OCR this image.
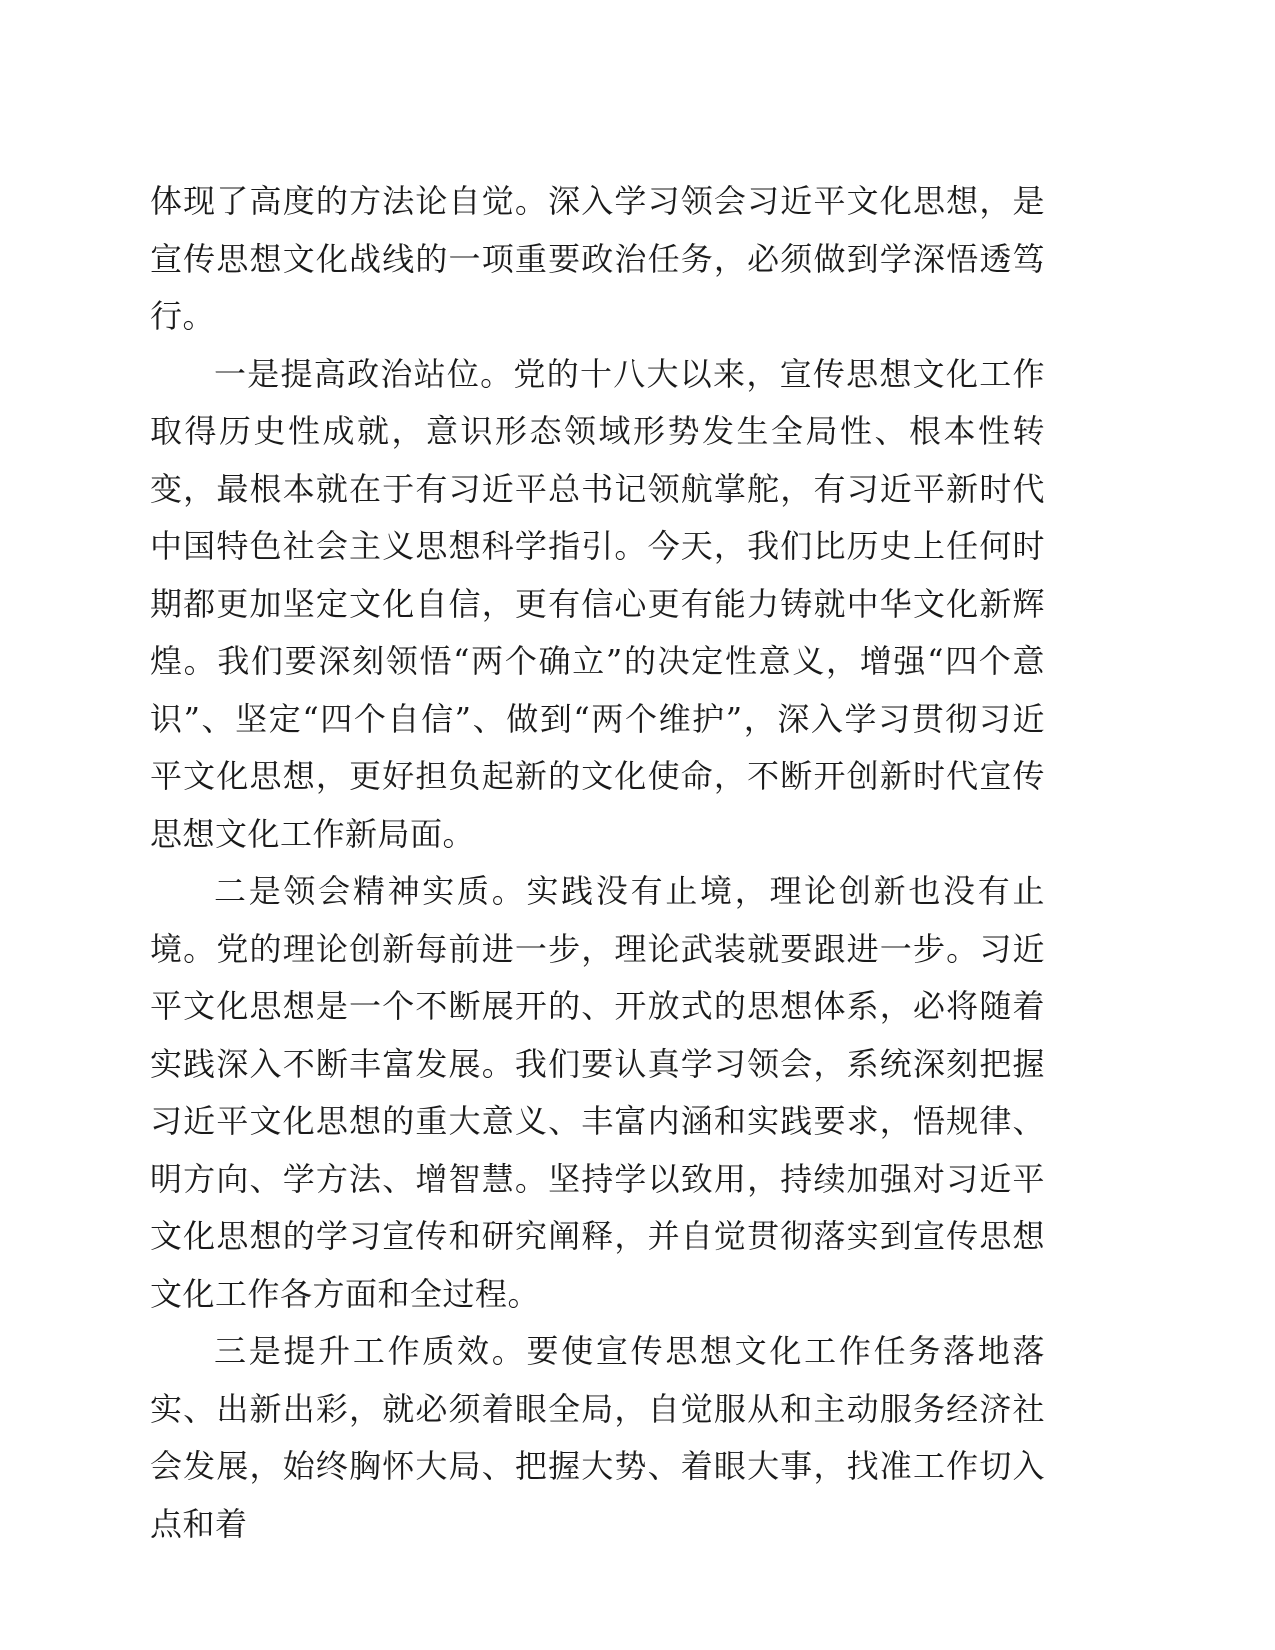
体现了高度的方法论自觉。深入学习领会习近平文化思想，是宣传思想文化战线的一项重要政治任务，必须做到学深悟透笃行。

一是提高政治站位。党的十八大以来，宣传思想文化工作取得历史性成就，意识形态领域形势发生全局性、根本性转变，最根本就在于有习近平总书记领航掌舵，有习近平新时代中国特色社会主义思想科学指引。今天，我们比历史上任何时期都更加坚定文化自信，更有信心更有能力铸就中华文化新辉煌。我们要深刻领悟“两个确立”的决定性意义，增强“四个意识”、坚定“四个自信”、做到“两个维护”，深入学习贯彻习近平文化思想，更好担负起新的文化使命，不断开创新时代宣传思想文化工作新局面。

二是领会精神实质。实践没有止境，理论创新也没有止境。党的理论创新每前进一步，理论武装就要跟进一步。习近平文化思想是一个不断展开的、开放式的思想体系，必将随着实践深入不断丰富发展。我们要认真学习领会，系统深刻把握习近平文化思想的重大意义、丰富内涵和实践要求，悟规律、明方向、学方法、增智慧。坚持学以致用，持续加强对习近平文化思想的学习宣传和研究阐释，并自觉贯彻落实到宣传思想文化工作各方面和全过程。

三是提升工作质效。要使宣传思想文化工作任务落地落实、出新出彩，就必须着眼全局，自觉服从和主动服务经济社会发展，始终胸怀大局、把握大势、着眼大事，找准工作切入点和着
